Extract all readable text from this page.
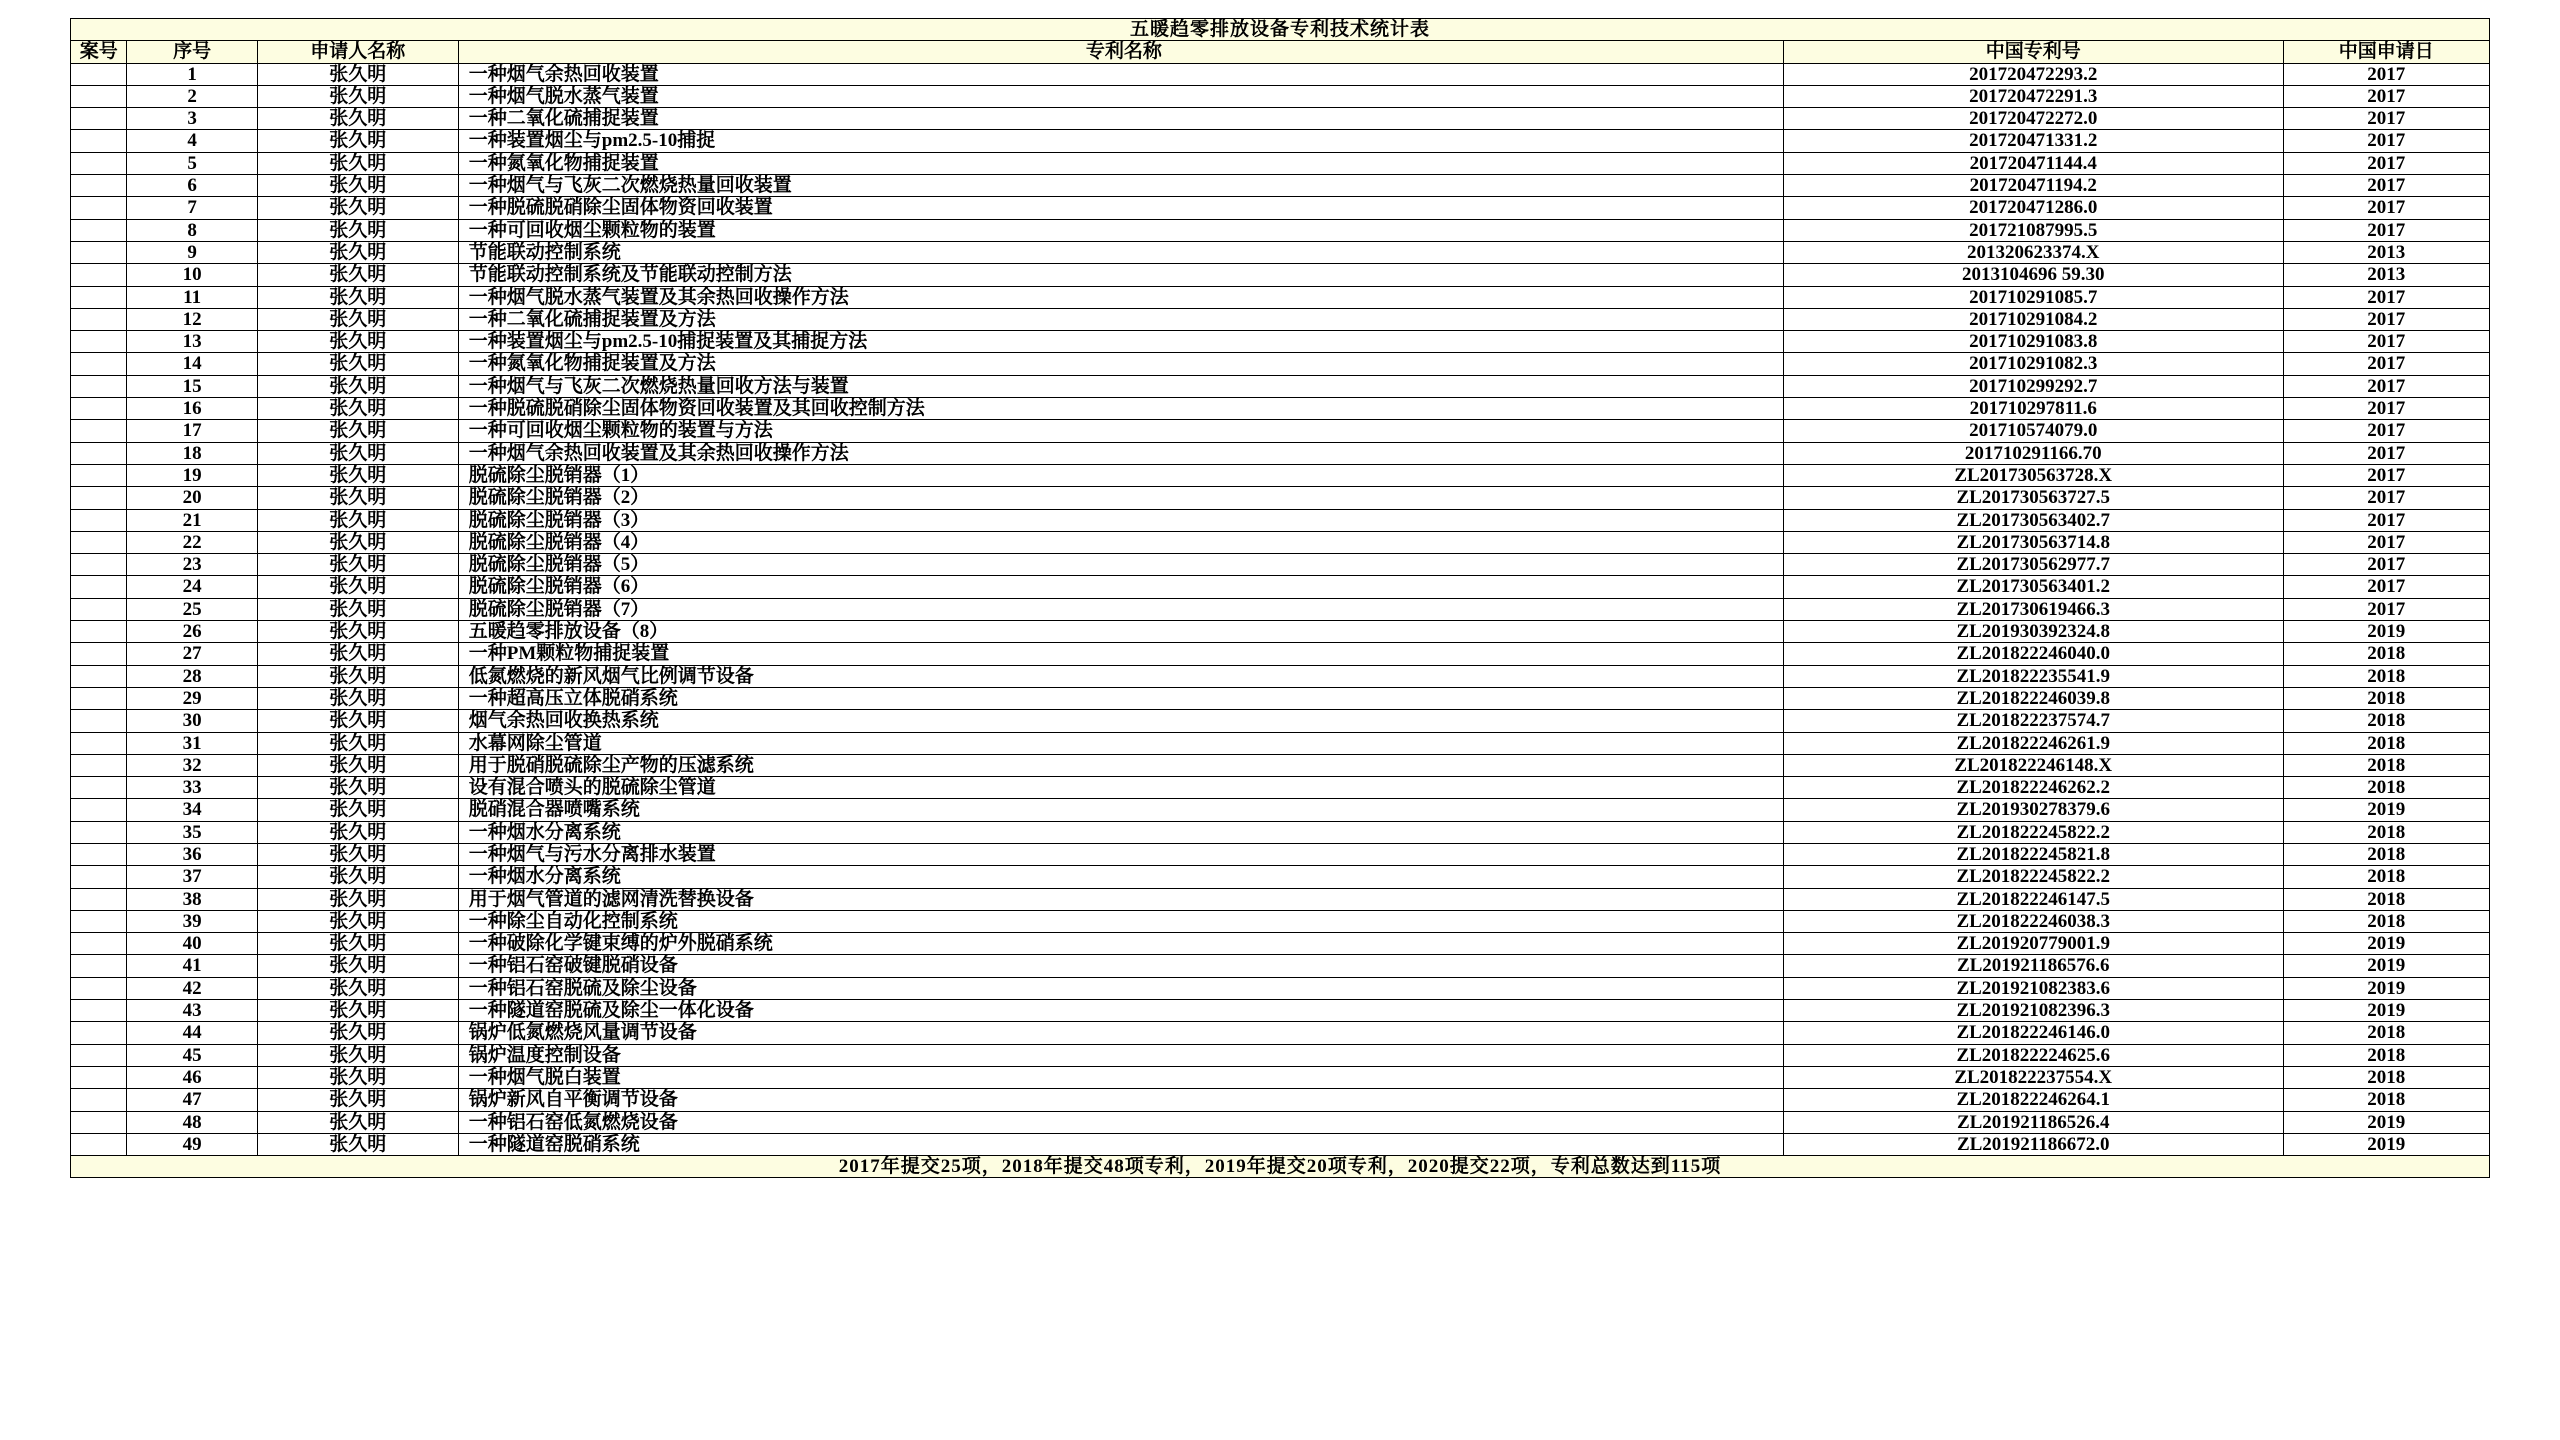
五暖趋零排放设备专利技术统计表					
案号	序号	申请人名称	专利名称	中国专利号	中国申请日
	1	张久明	一种烟气余热回收装置	201720472293.2	2017
	2	张久明	一种烟气脱水蒸气装置	201720472291.3	2017
	3	张久明	一种二氧化硫捕捉装置	201720472272.0	2017
	4	张久明	一种装置烟尘与pm2.5-10捕捉	201720471331.2	2017
	5	张久明	一种氮氧化物捕捉装置	201720471144.4	2017
	6	张久明	一种烟气与飞灰二次燃烧热量回收装置	201720471194.2	2017
	7	张久明	一种脱硫脱硝除尘固体物资回收装置	201720471286.0	2017
	8	张久明	一种可回收烟尘颗粒物的装置	201721087995.5	2017
	9	张久明	节能联动控制系统	201320623374.X	2013
	10	张久明	节能联动控制系统及节能联动控制方法	2013104696 59.30	2013
	11	张久明	一种烟气脱水蒸气装置及其余热回收操作方法	201710291085.7	2017
	12	张久明	一种二氧化硫捕捉装置及方法	201710291084.2	2017
	13	张久明	一种装置烟尘与pm2.5-10捕捉装置及其捕捉方法	201710291083.8	2017
	14	张久明	一种氮氧化物捕捉装置及方法	201710291082.3	2017
	15	张久明	一种烟气与飞灰二次燃烧热量回收方法与装置	201710299292.7	2017
	16	张久明	一种脱硫脱硝除尘固体物资回收装置及其回收控制方法	201710297811.6	2017
	17	张久明	一种可回收烟尘颗粒物的装置与方法	201710574079.0	2017
	18	张久明	一种烟气余热回收装置及其余热回收操作方法	201710291166.70	2017
	19	张久明	脱硫除尘脱销器（1）	ZL201730563728.X	2017
	20	张久明	脱硫除尘脱销器（2）	ZL201730563727.5	2017
	21	张久明	脱硫除尘脱销器（3）	ZL201730563402.7	2017
	22	张久明	脱硫除尘脱销器（4）	ZL201730563714.8	2017
	23	张久明	脱硫除尘脱销器（5）	ZL201730562977.7	2017
	24	张久明	脱硫除尘脱销器（6）	ZL201730563401.2	2017
	25	张久明	脱硫除尘脱销器（7）	ZL201730619466.3	2017
	26	张久明	五暖趋零排放设备（8）	ZL201930392324.8	2019
	27	张久明	一种PM颗粒物捕捉装置	ZL201822246040.0	2018
	28	张久明	低氮燃烧的新风烟气比例调节设备	ZL201822235541.9	2018
	29	张久明	一种超高压立体脱硝系统	ZL201822246039.8	2018
	30	张久明	烟气余热回收换热系统	ZL201822237574.7	2018
	31	张久明	水幕网除尘管道	ZL201822246261.9	2018
	32	张久明	用于脱硝脱硫除尘产物的压滤系统	ZL201822246148.X	2018
	33	张久明	设有混合喷头的脱硫除尘管道	ZL201822246262.2	2018
	34	张久明	脱硝混合器喷嘴系统	ZL201930278379.6	2019
	35	张久明	一种烟水分离系统	ZL201822245822.2	2018
	36	张久明	一种烟气与污水分离排水装置	ZL201822245821.8	2018
	37	张久明	一种烟水分离系统	ZL201822245822.2	2018
	38	张久明	用于烟气管道的滤网清洗替换设备	ZL201822246147.5	2018
	39	张久明	一种除尘自动化控制系统	ZL201822246038.3	2018
	40	张久明	一种破除化学键束缚的炉外脱硝系统	ZL201920779001.9	2019
	41	张久明	一种铝石窑破键脱硝设备	ZL201921186576.6	2019
	42	张久明	一种铝石窑脱硫及除尘设备	ZL201921082383.6	2019
	43	张久明	一种隧道窑脱硫及除尘一体化设备	ZL201921082396.3	2019
	44	张久明	锅炉低氮燃烧风量调节设备	ZL201822246146.0	2018
	45	张久明	锅炉温度控制设备	ZL201822224625.6	2018
	46	张久明	一种烟气脱白装置	ZL201822237554.X	2018
	47	张久明	锅炉新风自平衡调节设备	ZL201822246264.1	2018
	48	张久明	一种铝石窑低氮燃烧设备	ZL201921186526.4	2019
	49	张久明	一种隧道窑脱硝系统	ZL201921186672.0	2019
2017年提交25项，2018年提交48项专利，2019年提交20项专利，2020提交22项，专利总数达到115项					
